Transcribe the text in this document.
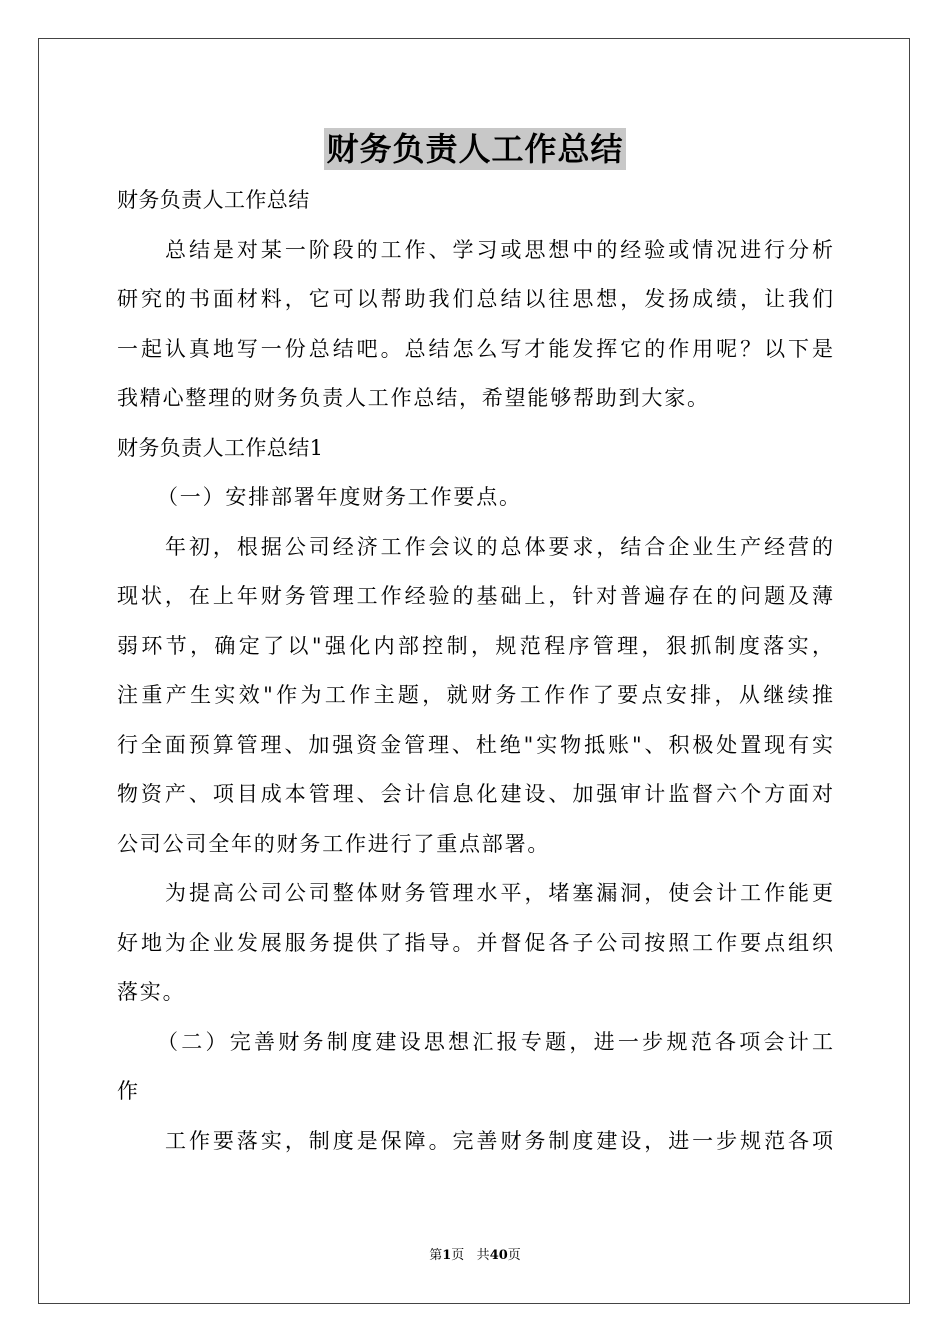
财务负责人工作总结
财务负责人工作总结
总结是对某一阶段的工作、学习或思想中的经验或情况进行分析
研究的书面材料，它可以帮助我们总结以往思想，发扬成绩，让我们
一起认真地写一份总结吧。总结怎么写才能发挥它的作用呢？以下是
我精心整理的财务负责人工作总结，希望能够帮助到大家。
财务负责人工作总结1
（一）安排部署年度财务工作要点。
年初，根据公司经济工作会议的总体要求，结合企业生产经营的
现状，在上年财务管理工作经验的基础上，针对普遍存在的问题及薄
弱环节，确定了以"强化内部控制，规范程序管理，狠抓制度落实，
注重产生实效"作为工作主题，就财务工作作了要点安排，从继续推
行全面预算管理、加强资金管理、杜绝"实物抵账"、积极处置现有实
物资产、项目成本管理、会计信息化建设、加强审计监督六个方面对
公司公司全年的财务工作进行了重点部署。
为提高公司公司整体财务管理水平，堵塞漏洞，使会计工作能更
好地为企业发展服务提供了指导。并督促各子公司按照工作要点组织
落实。
（二）完善财务制度建设思想汇报专题，进一步规范各项会计工
作
工作要落实，制度是保障。完善财务制度建设，进一步规范各项
第1页 共40页
